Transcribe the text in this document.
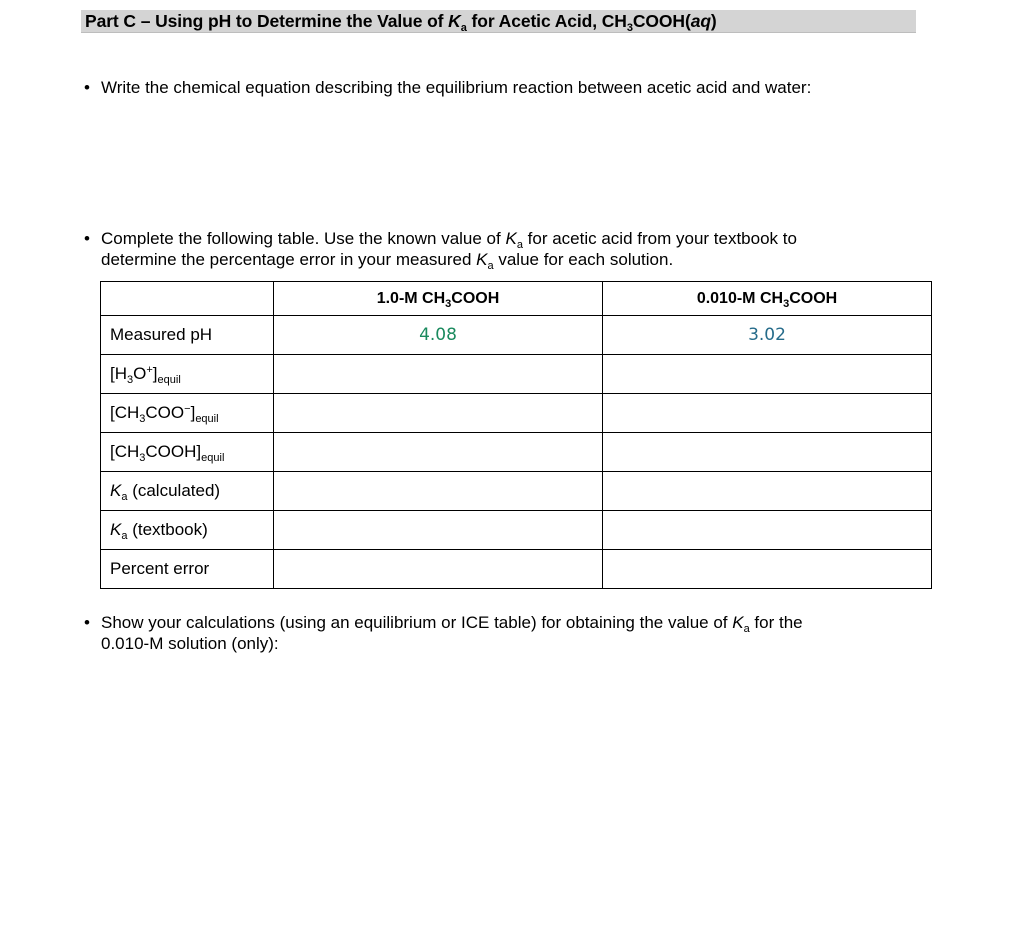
Part C – Using pH to Determine the Value of $K_a$ for Acetic Acid, $CH_3COOH(aq)$
• Write the chemical equation describing the equilibrium reaction between acetic acid and water:
• Complete the following table. Use the known value of $K_a$ for acetic acid from your textbook to
determine the percentage error in your measured $K_a$ value for each solution.
	1.0-M $CH_3COOH$	0.010-M $CH_3COOH$
Measured pH	4.08	3.02
$[H_3O^+]_{equil}$		
$[CH_3COO^-]_{equil}$		
$[CH_3COOH]_{equil}$		
$K_a$ (calculated)		
$K_a$ (textbook)		
Percent error		
• Show your calculations (using an equilibrium or ICE table) for obtaining the value of $K_a$ for the
0.010-M solution (only):
